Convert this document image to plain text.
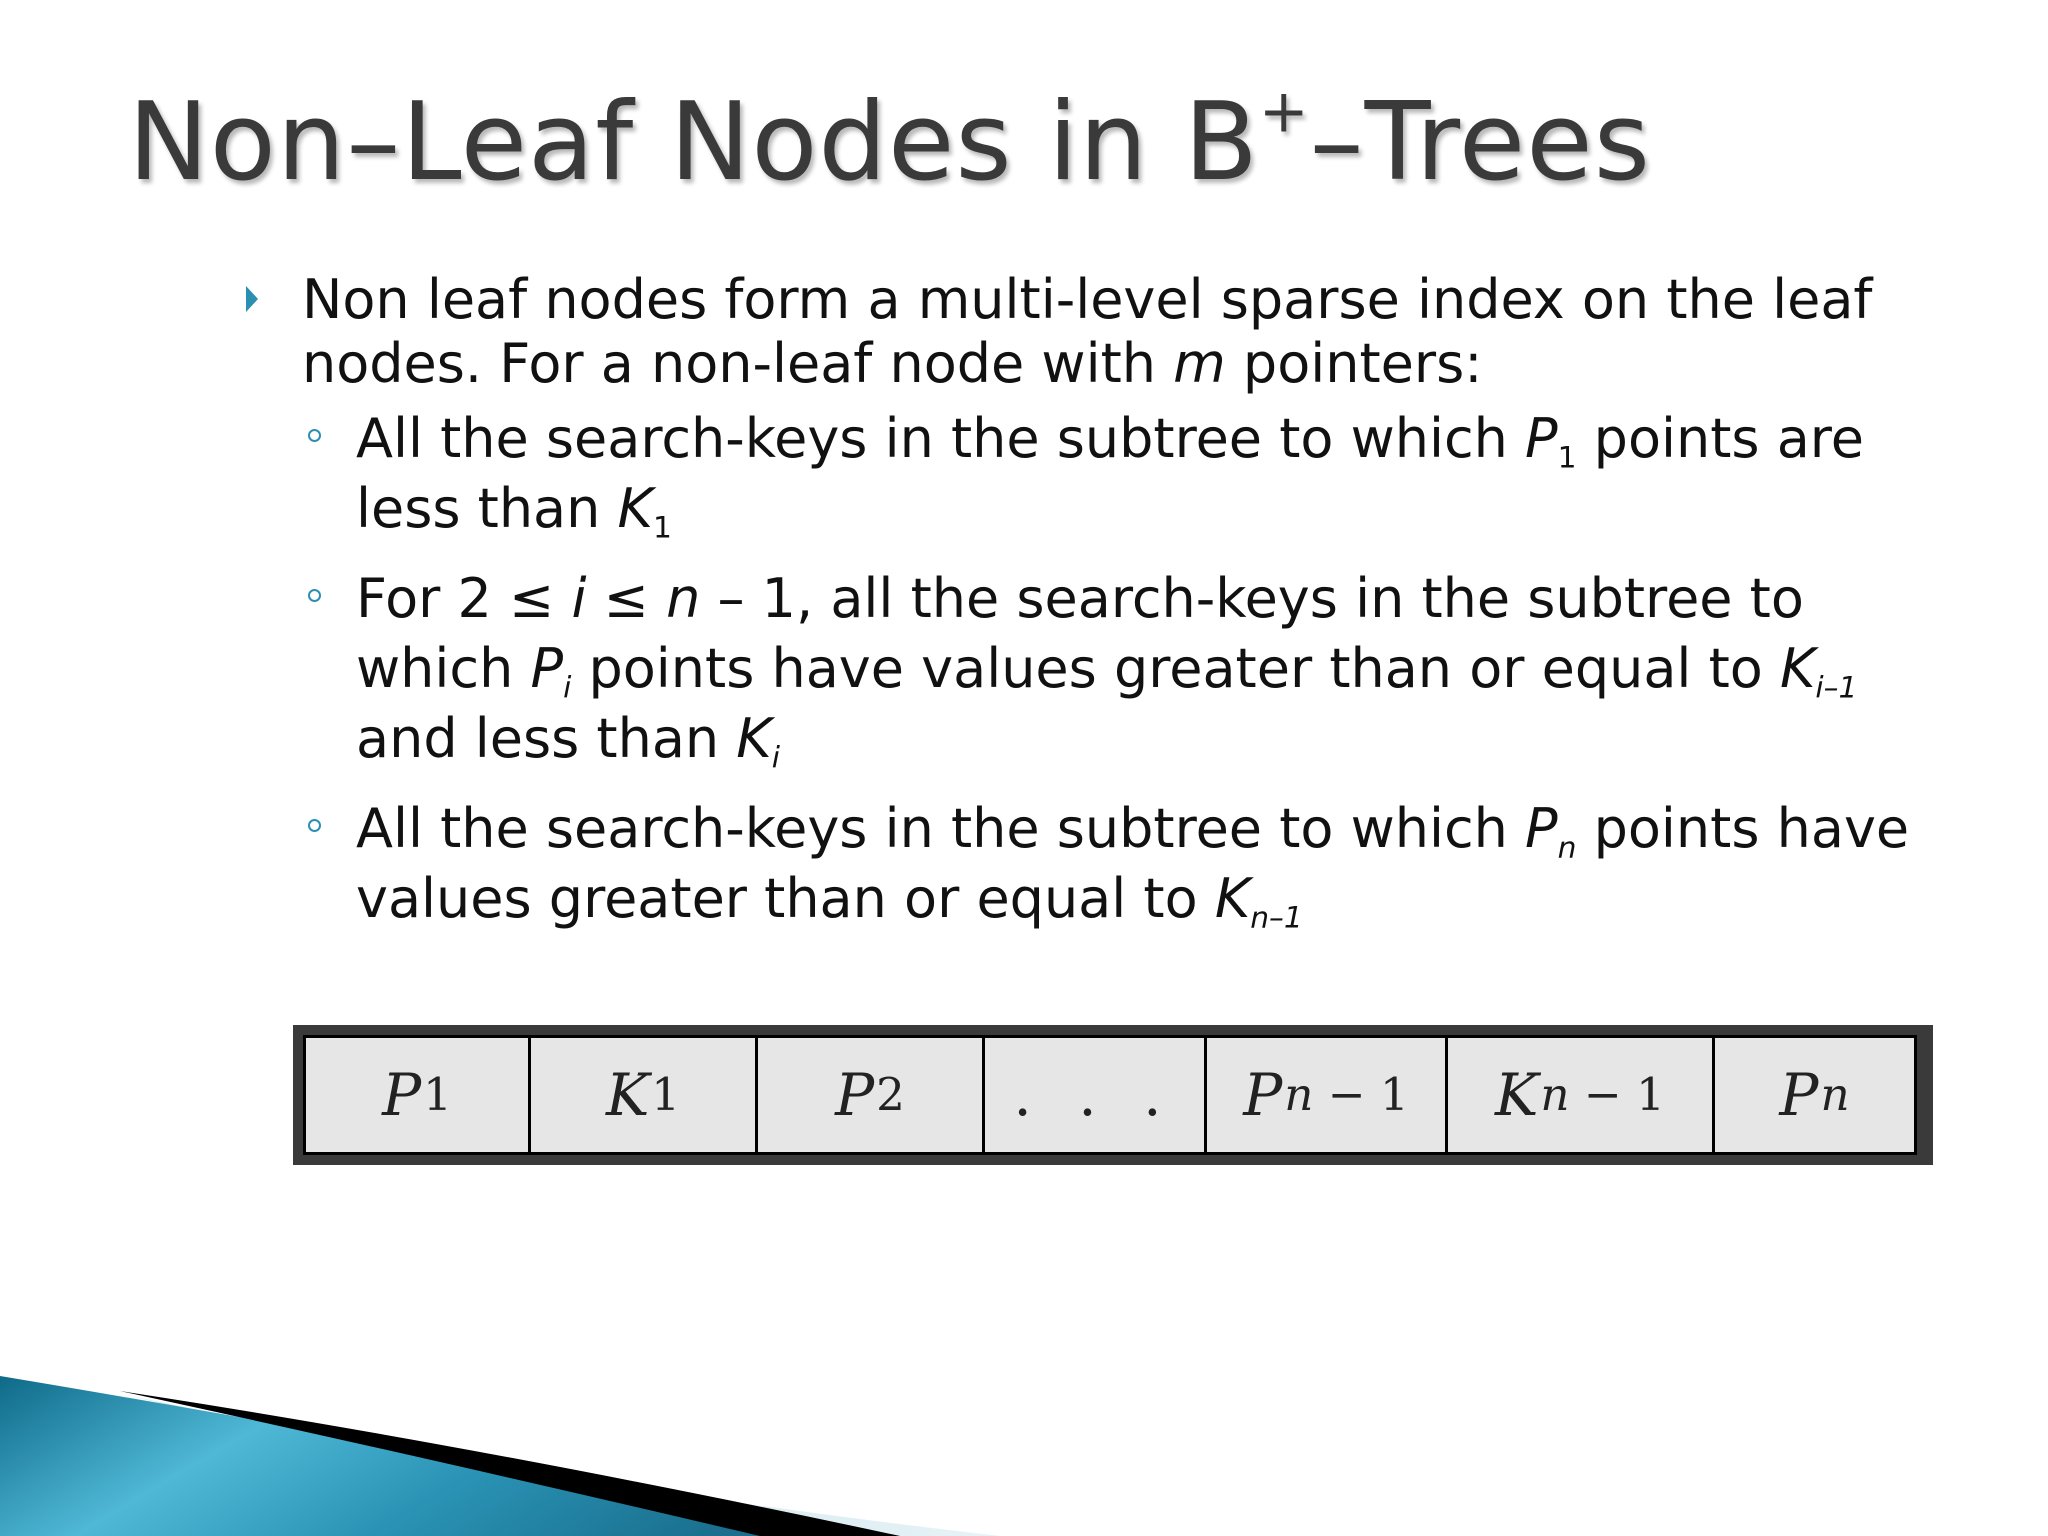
Non–Leaf Nodes in B+–Trees
Non leaf nodes form a multi-level sparse index on the leaf
nodes. For a non-leaf node with m pointers:
All the search-keys in the subtree to which $P_1$ points are less than $K_1$
For 2 ≤ i ≤ n – 1, all the search-keys in the subtree to which $P_i$ points have values greater than or equal to $K_{i-1}$ and less than $K_i$
All the search-keys in the subtree to which $P_n$ points have values greater than or equal to $K_{n-1}$
P 1	K 1	P 2 . . . P n − 1 K n − 1 P n
